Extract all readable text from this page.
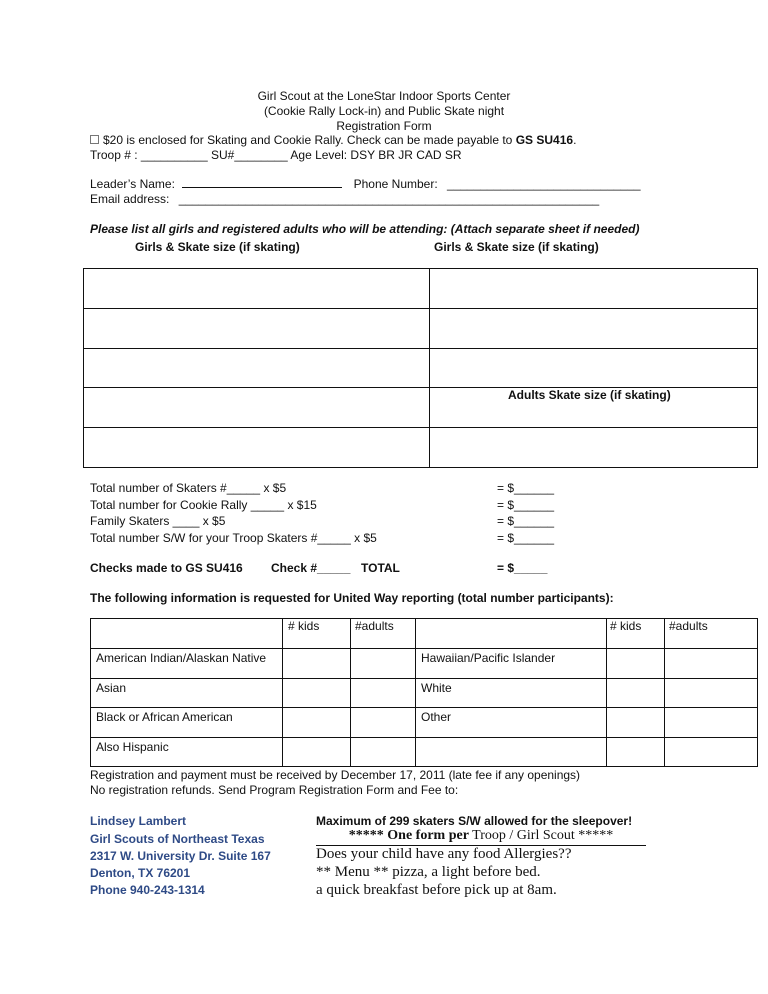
Girl Scout at the LoneStar Indoor Sports Center
(Cookie Rally Lock-in) and Public Skate night
Registration Form
$20 is enclosed for Skating and Cookie Rally. Check can be made payable to GS SU416.
Troop # : __________ SU#________ Age Level: DSY BR JR CAD SR
Leader’s Name:	Phone Number: _____________________________
Email address: _______________________________________________________________
Please list all girls and registered adults who will be attending: (Attach separate sheet if needed)
Girls & Skate size (if skating)	Girls & Skate size (if skating)

	Adults Skate size (if skating)

Total number of Skaters #_____ x $5	= $______
Total number for Cookie Rally _____ x $15	= $______
Family Skaters ____ x $5	= $______
Total number S/W for your Troop Skaters #_____ x $5	= $______
Checks made to GS SU416 Check #_____ TOTAL	= $_____
The following information is requested for United Way reporting (total number participants):
	# kids	#adults		# kids	#adults
American Indian/Alaskan Native			Hawaiian/Pacific Islander		
Asian			White		
Black or African American			Other		
Also Hispanic					
Registration and payment must be received by December 17, 2011 (late fee if any openings)
No registration refunds. Send Program Registration Form and Fee to:
Lindsey Lambert
Girl Scouts of Northeast Texas
2317 W. University Dr. Suite 167
Denton, TX 76201
Phone 940-243-1314
Maximum of 299 skaters S/W allowed for the sleepover!
***** One form per Troop / Girl Scout *****
Does your child have any food Allergies??
** Menu ** pizza, a light before bed.
a quick breakfast before pick up at 8am.
